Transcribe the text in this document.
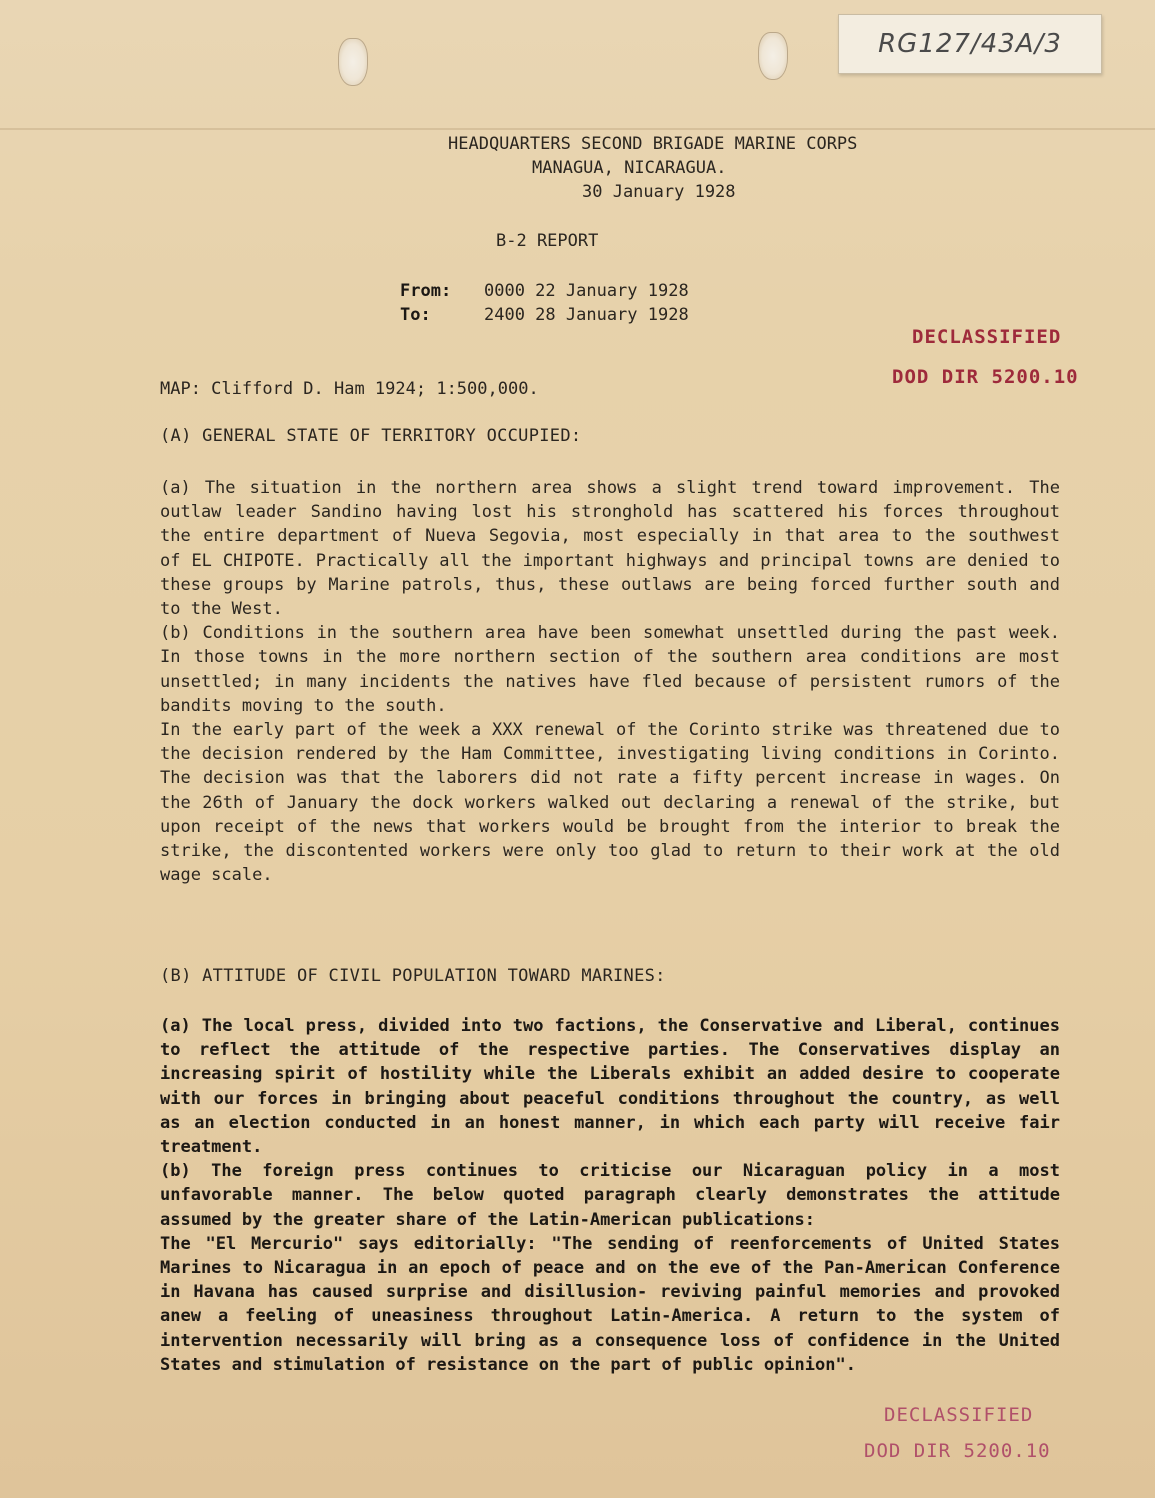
RG127/43A/3
HEADQUARTERS SECOND BRIGADE MARINE CORPS
MANAGUA, NICARAGUA.
30 January 1928
B-2 REPORT
From: 0000 22 January 1928
To:	2400 28 January 1928
DECLASSIFIED
DOD DIR 5200.10
MAP: Clifford D. Ham 1924; 1:500,000.
(A) GENERAL STATE OF TERRITORY OCCUPIED:

(a) The situation in the northern area shows a slight trend toward improvement. The outlaw leader Sandino having lost his stronghold has scattered his forces throughout the entire department of Nueva Segovia, most especially in that area to the southwest of EL CHIPOTE. Practically all the important highways and principal towns are denied to these groups by Marine patrols, thus, these outlaws are being forced further south and to the West.

(b) Conditions in the southern area have been somewhat unsettled during the past week. In those towns in the more northern section of the southern area conditions are most unsettled; in many incidents the natives have fled because of persistent rumors of the bandits moving to the south.

In the early part of the week a XXX renewal of the Corinto strike was threatened due to the decision rendered by the Ham Committee, investigating living conditions in Corinto. The decision was that the laborers did not rate a fifty percent increase in wages. On the 26th of January the dock workers walked out declaring a renewal of the strike, but upon receipt of the news that workers would be brought from the interior to break the strike, the discontented workers were only too glad to return to their work at the old wage scale.

(B) ATTITUDE OF CIVIL POPULATION TOWARD MARINES:

(a) The local press, divided into two factions, the Conservative and Liberal, continues to reflect the attitude of the respective parties. The Conservatives display an increasing spirit of hostility while the Liberals exhibit an added desire to cooperate with our forces in bringing about peaceful conditions throughout the country, as well as an election conducted in an honest manner, in which each party will receive fair treatment.

(b) The foreign press continues to criticise our Nicaraguan policy in a most unfavorable manner. The below quoted paragraph clearly demonstrates the attitude assumed by the greater share of the Latin-American publications:

The "El Mercurio" says editorially: "The sending of reenforcements of United States Marines to Nicaragua in an epoch of peace and on the eve of the Pan-American Conference in Havana has caused surprise and disillusion- reviving painful memories and provoked anew a feeling of uneasiness throughout Latin-America. A return to the system of intervention necessarily will bring as a consequence loss of confidence in the United States and stimulation of resistance on the part of public opinion".

DECLASSIFIED
DOD DIR 5200.10
